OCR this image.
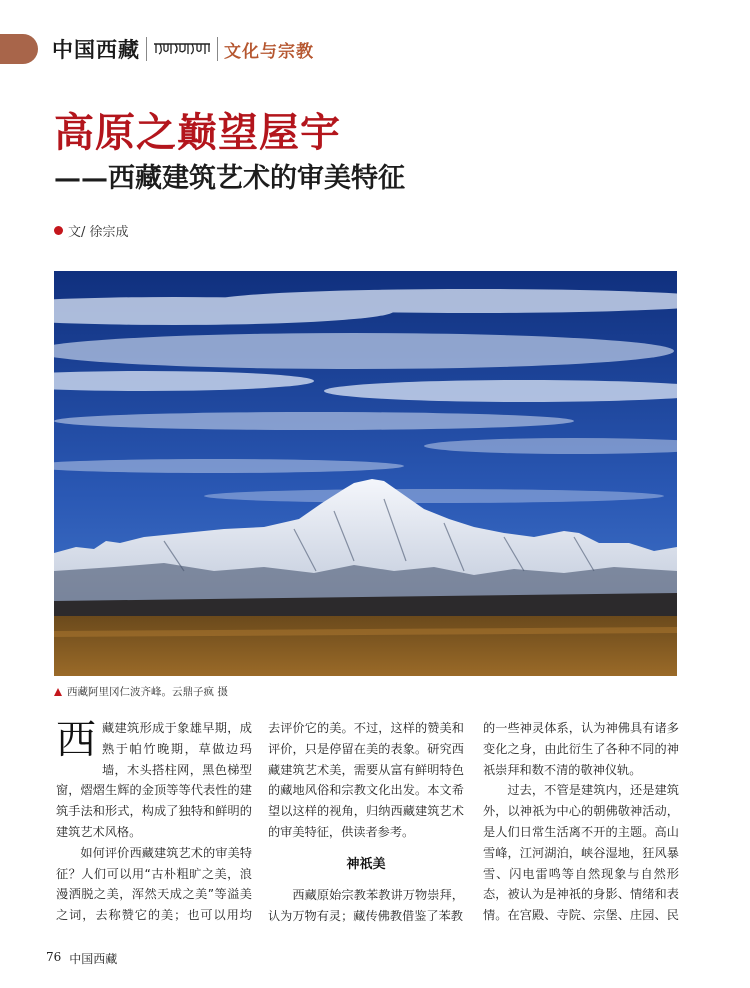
中国西藏	文化与宗教
高原之巅望屋宇
——西藏建筑艺术的审美特征
文/ 徐宗成
西藏阿里冈仁波齐峰。云鼎子疯 摄

西藏建筑形成于象雄早期，成熟于帕竹晚期，草做边玛墙，木头搭柱网，黑色梯型窗，熠熠生辉的金顶等等代表性的建筑手法和形式，构成了独特和鲜明的建筑艺术风格。

如何评价西藏建筑艺术的审美特征？人们可以用“古朴粗旷之美，浪漫洒脱之美，浑然天成之美”等溢美之词，去称赞它的美；也可以用均

去评价它的美。不过，这样的赞美和评价，只是停留在美的表象。研究西藏建筑艺术美，需要从富有鲜明特色的藏地风俗和宗教文化出发。本文希望以这样的视角，归纳西藏建筑艺术的审美特征，供读者参考。

神祇美

西藏原始宗教苯教讲万物崇拜，认为万物有灵；藏传佛教借鉴了苯教

的一些神灵体系，认为神佛具有诸多变化之身，由此衍生了各种不同的神祇崇拜和数不清的敬神仪轨。

过去，不管是建筑内，还是建筑外，以神祇为中心的朝佛敬神活动，是人们日常生活离不开的主题。高山雪峰，江河湖泊，峡谷湿地，狂风暴雪、闪电雷鸣等自然现象与自然形态，被认为是神祇的身影、情绪和表情。在宫殿、寺院、宗堡、庄园、民

76 中国西藏
